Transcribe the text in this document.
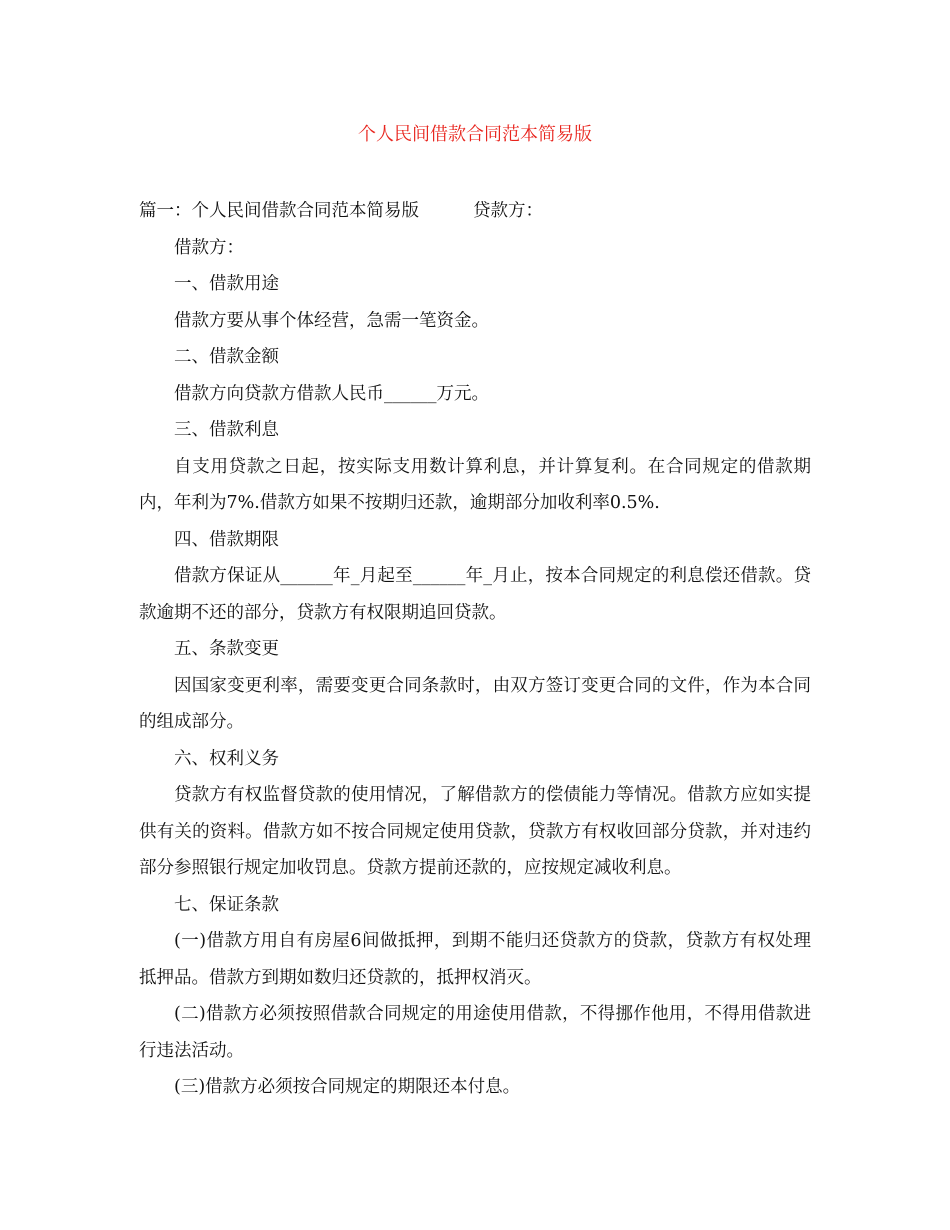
个人民间借款合同范本简易版

篇一：个人民间借款合同范本简易版	贷款方：

借款方：

一、借款用途

借款方要从事个体经营，急需一笔资金。

二、借款金额

借款方向贷款方借款人民币______万元。

三、借款利息

自支用贷款之日起，按实际支用数计算利息，并计算复利。在合同规定的借款期内，年利为7%.借款方如果不按期归还款，逾期部分加收利率0.5%.

四、借款期限

借款方保证从______年_月起至______年_月止，按本合同规定的利息偿还借款。贷款逾期不还的部分，贷款方有权限期追回贷款。

五、条款变更

因国家变更利率，需要变更合同条款时，由双方签订变更合同的文件，作为本合同的组成部分。

六、权利义务

贷款方有权监督贷款的使用情况，了解借款方的偿债能力等情况。借款方应如实提供有关的资料。借款方如不按合同规定使用贷款，贷款方有权收回部分贷款，并对违约部分参照银行规定加收罚息。贷款方提前还款的，应按规定减收利息。

七、保证条款

(一)借款方用自有房屋6间做抵押，到期不能归还贷款方的贷款，贷款方有权处理抵押品。借款方到期如数归还贷款的，抵押权消灭。

(二)借款方必须按照借款合同规定的用途使用借款，不得挪作他用，不得用借款进行违法活动。

(三)借款方必须按合同规定的期限还本付息。
